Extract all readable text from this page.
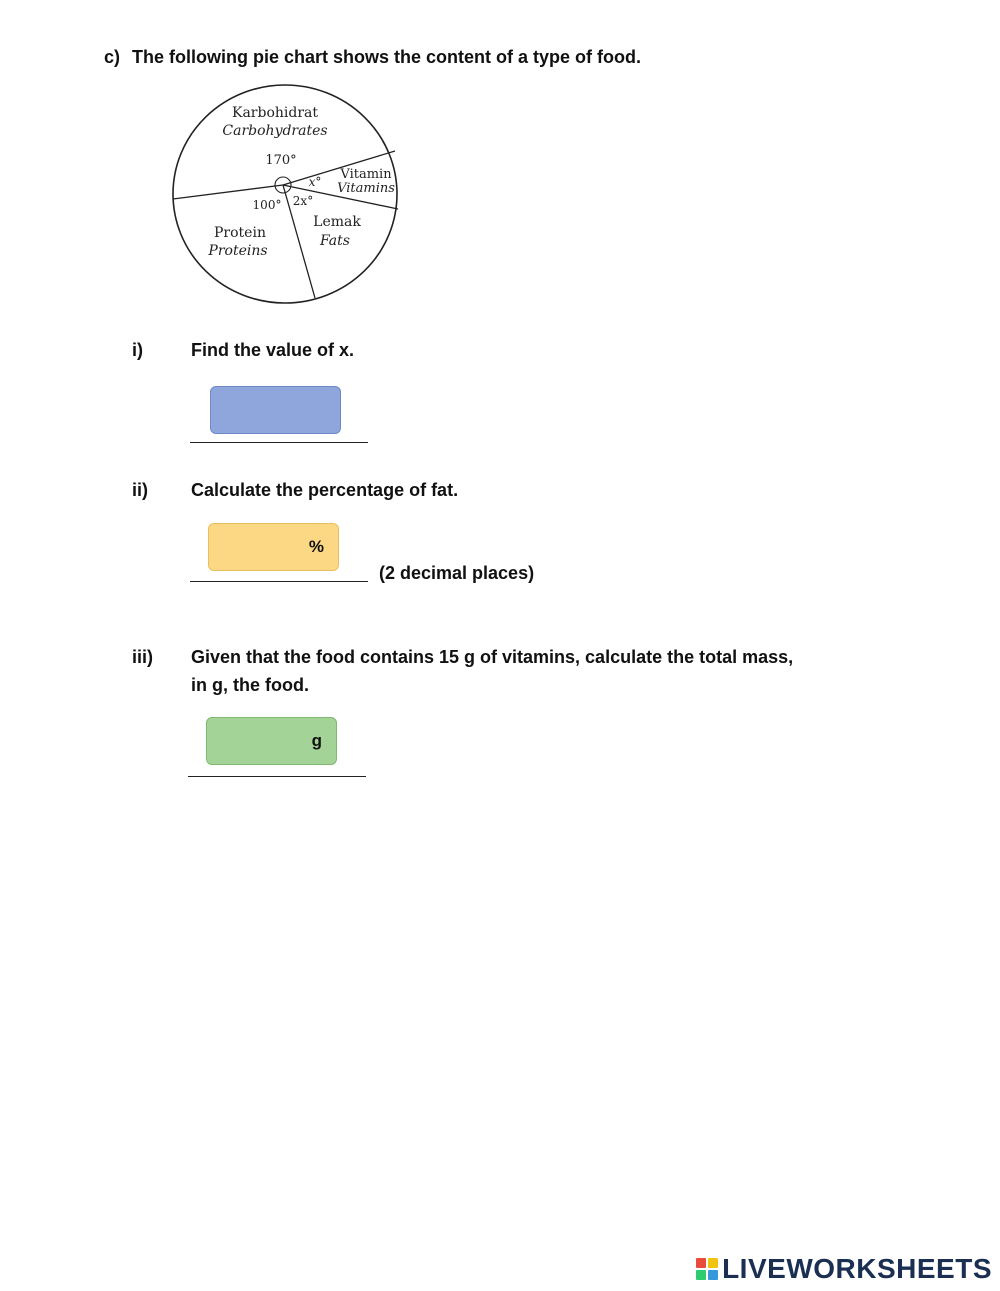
c) The following pie chart shows the content of a type of food.
Karbohidrat
Carbohydrates
170°
Vitamin
Vitamins
x°
Lemak
Fats
2x°
Protein
Proteins
100°
i)	Find the value of x.
ii) Calculate the percentage of fat.
%
(2 decimal places)
iii) Given that the food contains 15 g of vitamins, calculate the total mass,
in g, the food.
g
LIVEWORKSHEETS
